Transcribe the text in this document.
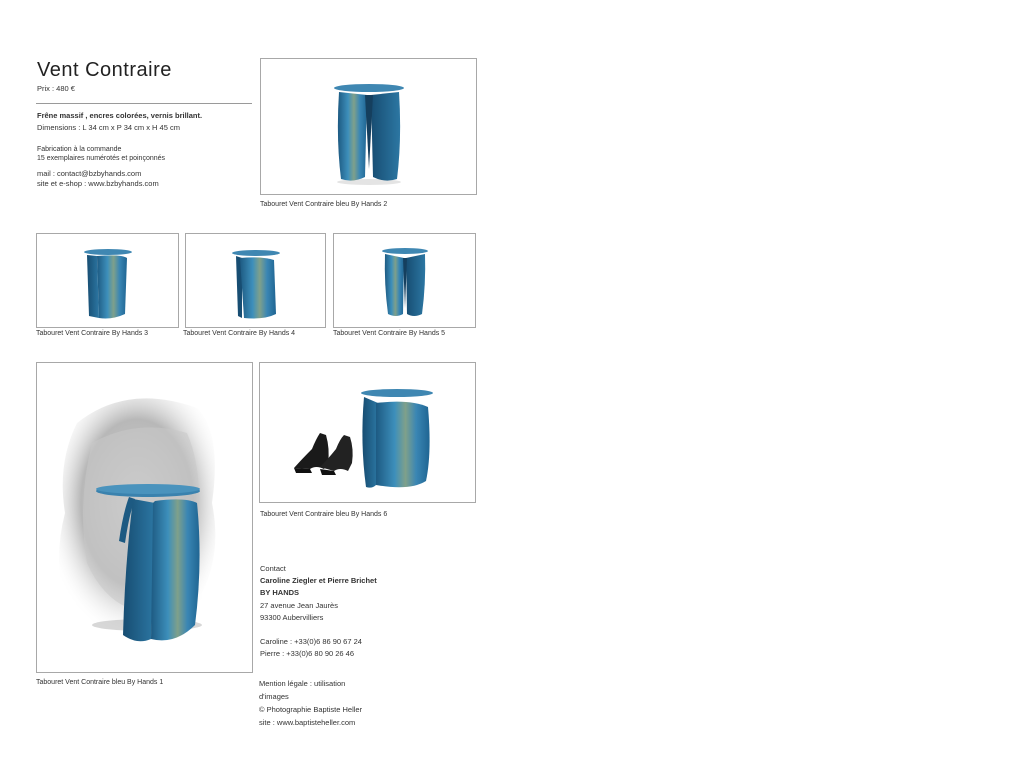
Vent Contraire
Prix : 480 €
Frêne massif , encres colorées, vernis brillant.
Dimensions : L 34 cm x P 34 cm x H 45 cm
Fabrication à la commande
15 exemplaires numérotés et poinçonnés
mail : contact@bzbyhands.com
site et e-shop : www.bzbyhands.com
Tabouret Vent Contraire bleu By Hands 2
Tabouret Vent Contraire By Hands 3	Tabouret Vent Contraire By Hands 4	Tabouret Vent Contraire By Hands 5
Tabouret Vent Contraire bleu By Hands 1
Tabouret Vent Contraire bleu By Hands 6
Contact
Caroline Ziegler et Pierre Brichet
BY HANDS
27 avenue Jean Jaurès
93300 Aubervilliers
Caroline : +33(0)6 86 90 67 24
Pierre : +33(0)6 80 90 26 46
Mention légale : utilisation
d'images
© Photographie Baptiste Heller
site : www.baptisteheller.com
